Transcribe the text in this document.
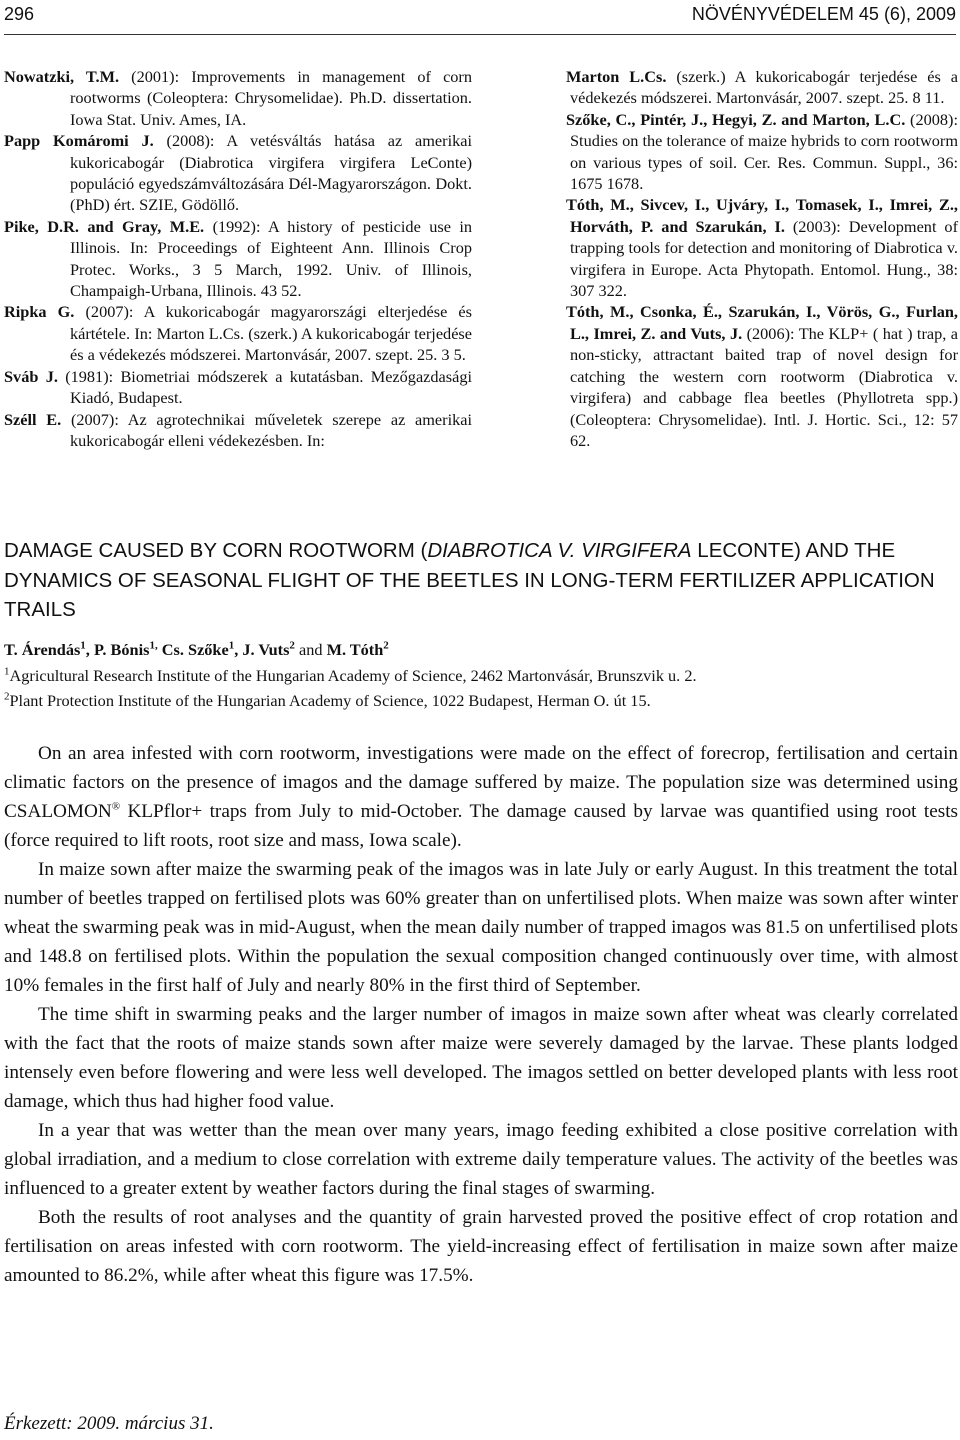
296	NÖVÉNYVÉDELEM 45 (6), 2009
Nowatzki, T.M. (2001): Improvements in management of corn rootworms (Coleoptera: Chrysomelidae). Ph.D. dissertation. Iowa Stat. Univ. Ames, IA.
Papp Komáromi J. (2008): A vetésváltás hatása az amerikai kukoricabogár (Diabrotica virgifera virgifera LeConte) populáció egyedszámváltozására Dél-Magyarországon. Dokt. (PhD) ért. SZIE, Gödöllő.
Pike, D.R. and Gray, M.E. (1992): A history of pesticide use in Illinois. In: Proceedings of Eighteent Ann. Illinois Crop Protec. Works., 3 5 March, 1992. Univ. of Illinois, Champaigh-Urbana, Illinois. 43 52.
Ripka G. (2007): A kukoricabogár magyarországi elterjedése és kártétele. In: Marton L.Cs. (szerk.) A kukoricabogár terjedése és a védekezés módszerei. Martonvásár, 2007. szept. 25. 3 5.
Sváb J. (1981): Biometriai módszerek a kutatásban. Mezőgazdasági Kiadó, Budapest.
Széll E. (2007): Az agrotechnikai műveletek szerepe az amerikai kukoricabogár elleni védekezésben. In:
Marton L.Cs. (szerk.) A kukoricabogár terjedése és a védekezés módszerei. Martonvásár, 2007. szept. 25. 8 11.
Szőke, C., Pintér, J., Hegyi, Z. and Marton, L.C. (2008): Studies on the tolerance of maize hybrids to corn rootworm on various types of soil. Cer. Res. Commun. Suppl., 36: 1675 1678.
Tóth, M., Sivcev, I., Ujváry, I., Tomasek, I., Imrei, Z., Horváth, P. and Szarukán, I. (2003): Development of trapping tools for detection and monitoring of Diabrotica v. virgifera in Europe. Acta Phytopath. Entomol. Hung., 38: 307 322.
Tóth, M., Csonka, É., Szarukán, I., Vörös, G., Furlan, L., Imrei, Z. and Vuts, J. (2006): The KLP+ ( hat ) trap, a non-sticky, attractant baited trap of novel design for catching the western corn rootworm (Diabrotica v. virgifera) and cabbage flea beetles (Phyllotreta spp.) (Coleoptera: Chrysomelidae). Intl. J. Hortic. Sci., 12: 57 62.
DAMAGE CAUSED BY CORN ROOTWORM (DIABROTICA V. VIRGIFERA LECONTE) AND THE DYNAMICS OF SEASONAL FLIGHT OF THE BEETLES IN LONG-TERM FERTILIZER APPLICATION TRAILS
T. Árendás$^1$, P. Bónis$^{1,}$ Cs. Szőke$^1$, J. Vuts$^2$ and M. Tóth$^2$
$^1$Agricultural Research Institute of the Hungarian Academy of Science, 2462 Martonvásár, Brunszvik u. 2.
$^2$Plant Protection Institute of the Hungarian Academy of Science, 1022 Budapest, Herman O. út 15.

On an area infested with corn rootworm, investigations were made on the effect of forecrop, fertilisation and certain climatic factors on the presence of imagos and the damage suffered by maize. The population size was determined using CSALOMON® KLPflor+ traps from July to mid-October. The damage caused by larvae was quantified using root tests (force required to lift roots, root size and mass, Iowa scale).

In maize sown after maize the swarming peak of the imagos was in late July or early August. In this treatment the total number of beetles trapped on fertilised plots was 60% greater than on unfertilised plots. When maize was sown after winter wheat the swarming peak was in mid-August, when the mean daily number of trapped imagos was 81.5 on unfertilised plots and 148.8 on fertilised plots. Within the population the sexual composition changed continuously over time, with almost 10% females in the first half of July and nearly 80% in the first third of September.

The time shift in swarming peaks and the larger number of imagos in maize sown after wheat was clearly correlated with the fact that the roots of maize stands sown after maize were severely damaged by the larvae. These plants lodged intensely even before flowering and were less well developed. The imagos settled on better developed plants with less root damage, which thus had higher food value.

In a year that was wetter than the mean over many years, imago feeding exhibited a close positive correlation with global irradiation, and a medium to close correlation with extreme daily temperature values. The activity of the beetles was influenced to a greater extent by weather factors during the final stages of swarming.

Both the results of root analyses and the quantity of grain harvested proved the positive effect of crop rotation and fertilisation on areas infested with corn rootworm. The yield-increasing effect of fertilisation in maize sown after maize amounted to 86.2%, while after wheat this figure was 17.5%.

Érkezett: 2009. március 31.
